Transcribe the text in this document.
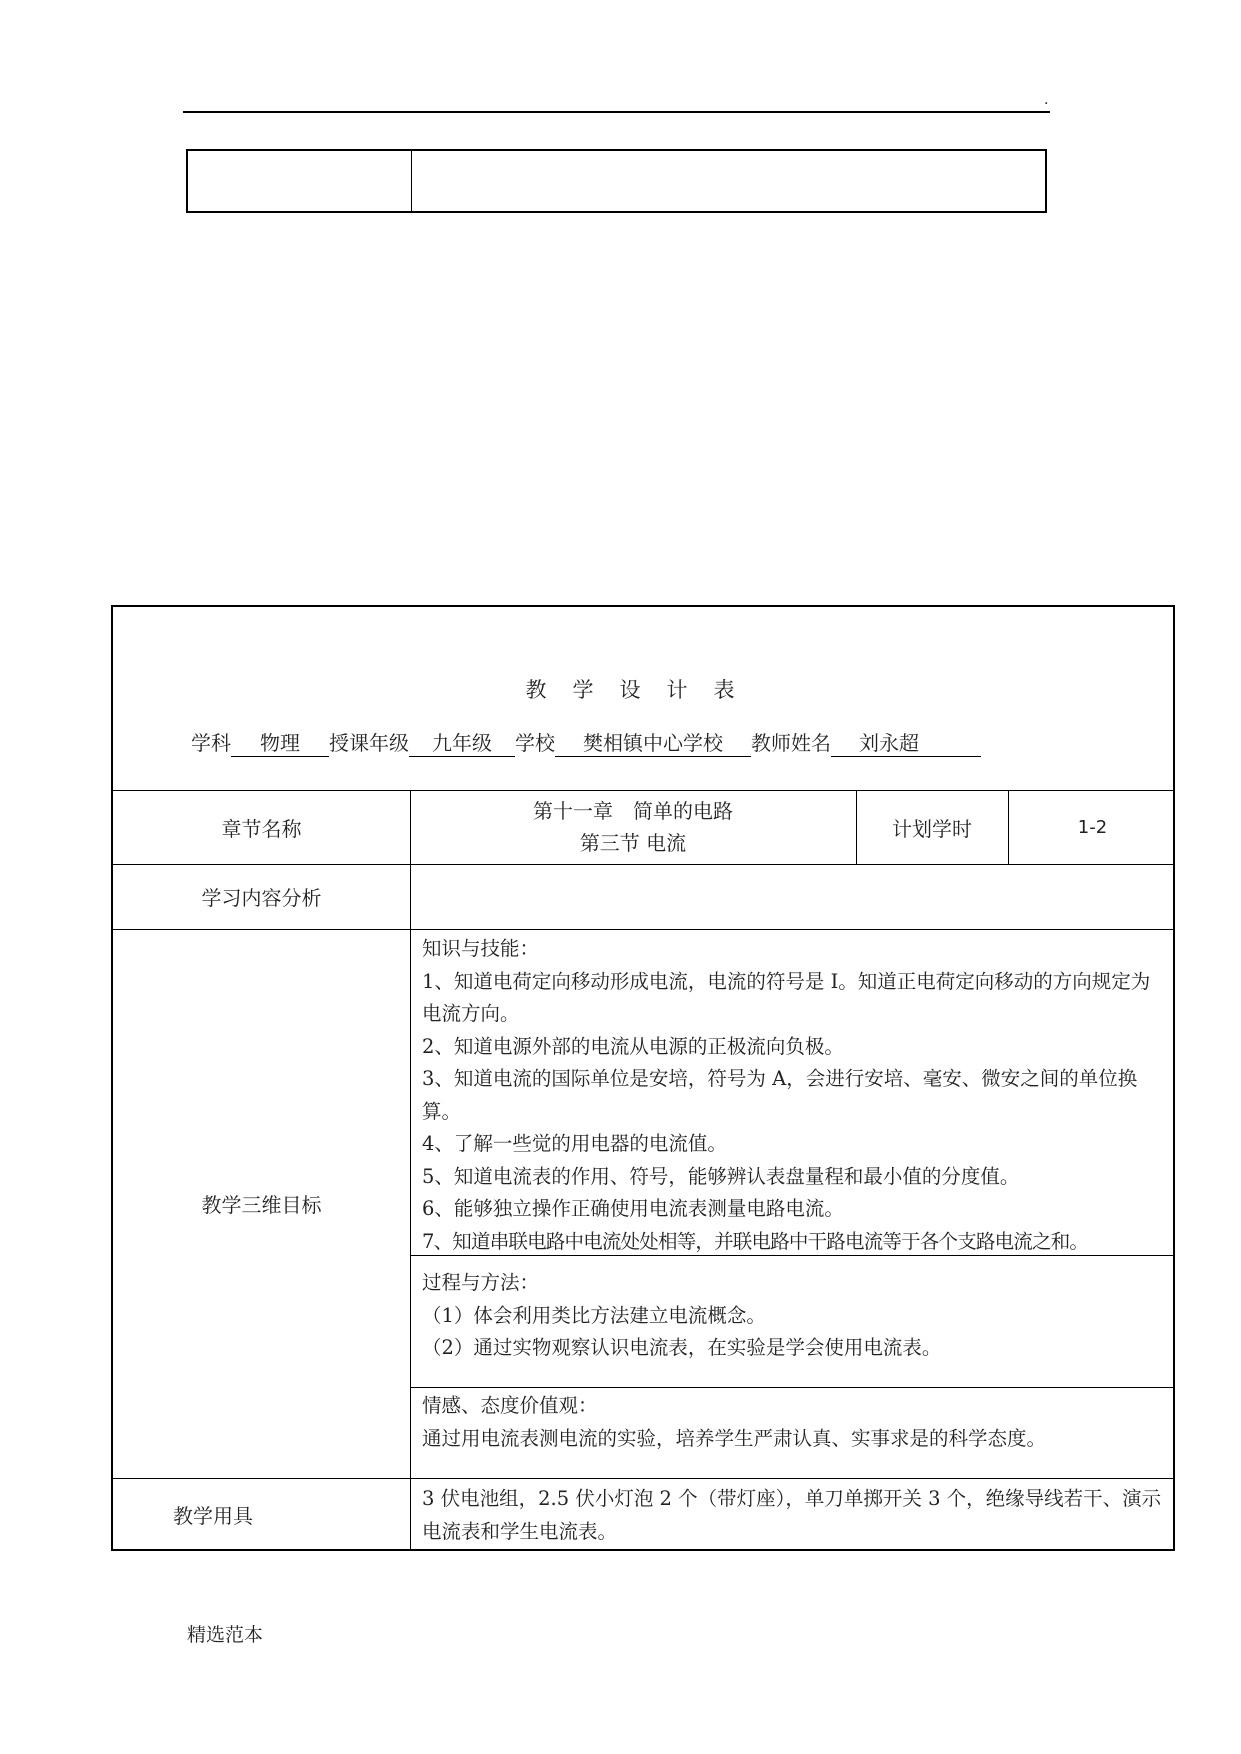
.
教学设计表
学科 物理 授课年级 九年级 学校 樊相镇中心学校 教师姓名 刘永超
章节名称
第十一章　简单的电路
第三节 电流
计划学时	1-2
学习内容分析
教学三维目标
知识与技能：
1、知道电荷定向移动形成电流，电流的符号是 I。知道正电荷定向移动的方向规定为电流方向。
2、知道电源外部的电流从电源的正极流向负极。
3、知道电流的国际单位是安培，符号为 A，会进行安培、毫安、微安之间的单位换算。
4、了解一些觉的用电器的电流值。
5、知道电流表的作用、符号，能够辨认表盘量程和最小值的分度值。
6、能够独立操作正确使用电流表测量电路电流。
7、知道串联电路中电流处处相等，并联电路中干路电流等于各个支路电流之和。
过程与方法：
（1）体会利用类比方法建立电流概念。
（2）通过实物观察认识电流表，在实验是学会使用电流表。
情感、态度价值观：
通过用电流表测电流的实验，培养学生严肃认真、实事求是的科学态度。
教学用具
3 伏电池组，2.5 伏小灯泡 2 个（带灯座），单刀单掷开关 3 个，绝缘导线若干、演示电流表和学生电流表。
精选范本
